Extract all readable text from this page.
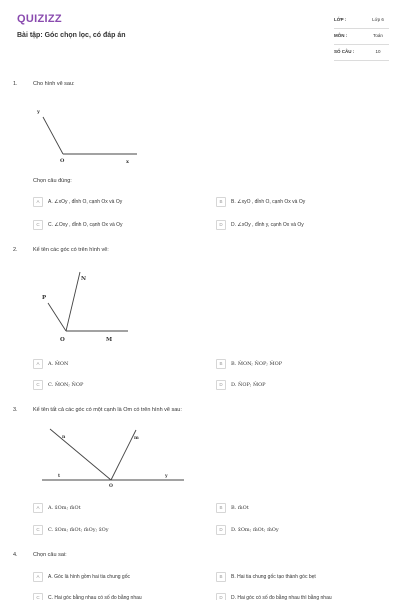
QUIZIZZ
Bài tập: Góc chọn lọc, có đáp án
LỚP :	Lớp 6
MÔN :	Toán
SỐ CÂU :	10
1.	Cho hình vẽ sau:
y
O	x
Chọn câu đúng:
A	A. ∠xOy , đỉnh O, cạnh Ox và Oy	B	B. ∠xyO , đỉnh O, cạnh Ox và Oy
C	C. ∠Oxy , đỉnh O, cạnh Ox và Oy	D	D. ∠xOy , đỉnh y, cạnh Ox và Oy
2.	Kể tên các góc có trên hình vẽ:
P
N
O	M
A	A. M̂ON	B	B. M̂ON; N̂OP; M̂OP
C	C. M̂ON; N̂OP	D	D. N̂OP; M̂OP
3.	Kể tên tất cả các góc có một cạnh là Om có trên hình vẽ sau:
n	m
t
O
y
A	A. x̂Om; m̂Ot	B	B. m̂Ot
C	C. x̂Om; m̂Ot; m̂Oy; x̂Oy	D	D. x̂Om; m̂Ot; m̂Oy
4.	Chọn câu sai:
A	A. Góc là hình gồm hai tia chung gốc	B	B. Hai tia chung gốc tạo thành góc bẹt
C	C. Hai góc bằng nhau có số đo bằng nhau	D	D. Hai góc có số đo bằng nhau thì bằng nhau
